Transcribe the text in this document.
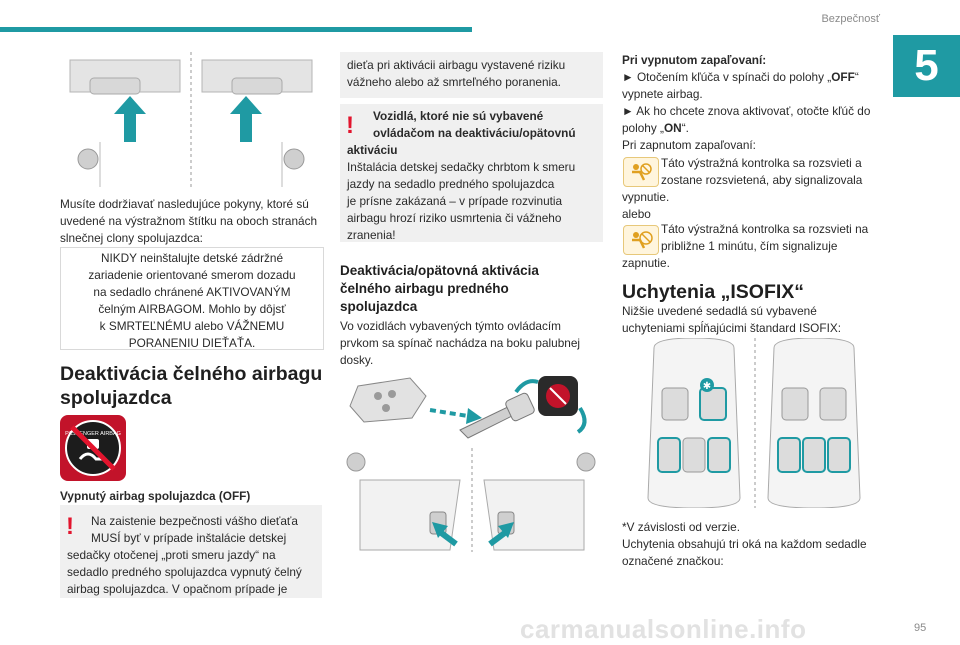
Bezpečnosť
5
95
Musíte dodržiavať nasledujúce pokyny, ktoré sú uvedené na výstražnom štítku na oboch stranách slnečnej clony spolujazdca:
NIKDY neinštalujte detské zádržné
zariadenie orientované smerom dozadu
na sedadlo chránené AKTIVOVANÝM
čelným AIRBAGOM. Mohlo by dôjsť
k SMRTEĽNÉMU alebo VÁŽNEMU
PORANENIU DIEŤAŤA.
Deaktivácia čelného airbagu
spolujazdca
PASSENGER AIRBAG
Vypnutý airbag spolujazdca (OFF)
! Na zaistenie bezpečnosti vášho dieťaťa
MUSÍ byť v prípade inštalácie detskej
sedačky otočenej „proti smeru jazdy“ na
sedadlo predného spolujazdca vypnutý čelný
airbag spolujazdca. V opačnom prípade je
dieťa pri aktivácii airbagu vystavené riziku
vážneho alebo až smrteľného poranenia.
! Vozidlá, ktoré nie sú vybavené
ovládačom na deaktiváciu/opätovnú
aktiváciu
Inštalácia detskej sedačky chrbtom k smeru
jazdy na sedadlo predného spolujazdca
je prísne zakázaná – v prípade rozvinutia
airbagu hrozí riziko usmrtenia či vážneho
zranenia!
Deaktivácia/opätovná aktivácia
čelného airbagu predného
spolujazdca
Vo vozidlách vybavených týmto ovládacím
prvkom sa spínač nachádza na boku palubnej
dosky.
Pri vypnutom zapaľovaní:
► Otočením kľúča v spínači do polohy „OFF“
vypnete airbag.
► Ak ho chcete znova aktivovať, otočte kľúč do
polohy „ON“.
Pri zapnutom zapaľovaní:
Táto výstražná kontrolka sa rozsvieti a
zostane rozsvietená, aby signalizovala
vypnutie.
alebo
Táto výstražná kontrolka sa rozsvieti na
približne 1 minútu, čím signalizuje
zapnutie.
Uchytenia „ISOFIX“
Nižšie uvedené sedadlá sú vybavené
uchyteniami spĺňajúcimi štandard ISOFIX:
✱
*V závislosti od verzie.
Uchytenia obsahujú tri oká na každom sedadle
označené značkou:
carmanualsonline.info
